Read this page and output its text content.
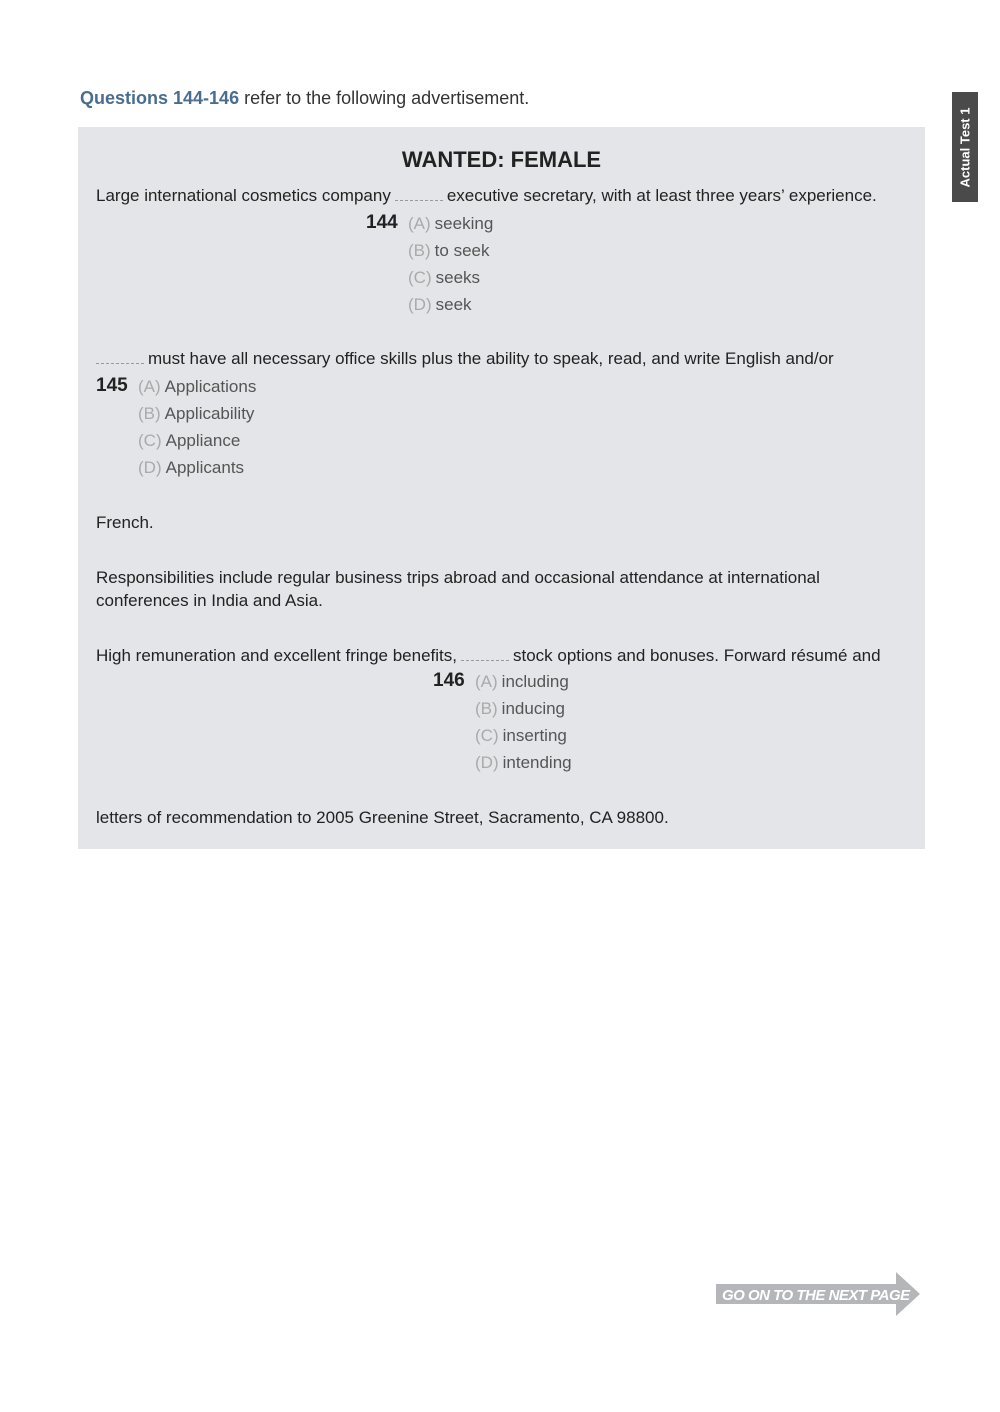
Questions 144-146 refer to the following advertisement.
Actual Test 1
WANTED: FEMALE
Large international cosmetics company	executive secretary, with at least three years’ experience.
144 (A) seeking
(B) to seek
(C) seeks
(D) seek
must have all necessary office skills plus the ability to speak, read, and write English and/or
145 (A) Applications
(B) Applicability
(C) Appliance
(D) Applicants
French.
Responsibilities include regular business trips abroad and occasional attendance at international
conferences in India and Asia.
High remuneration and excellent fringe benefits,	stock options and bonuses. Forward résumé and
146 (A) including
(B) inducing
(C) inserting
(D) intending
letters of recommendation to 2005 Greenine Street, Sacramento, CA 98800.
GO ON TO THE NEXT PAGE
